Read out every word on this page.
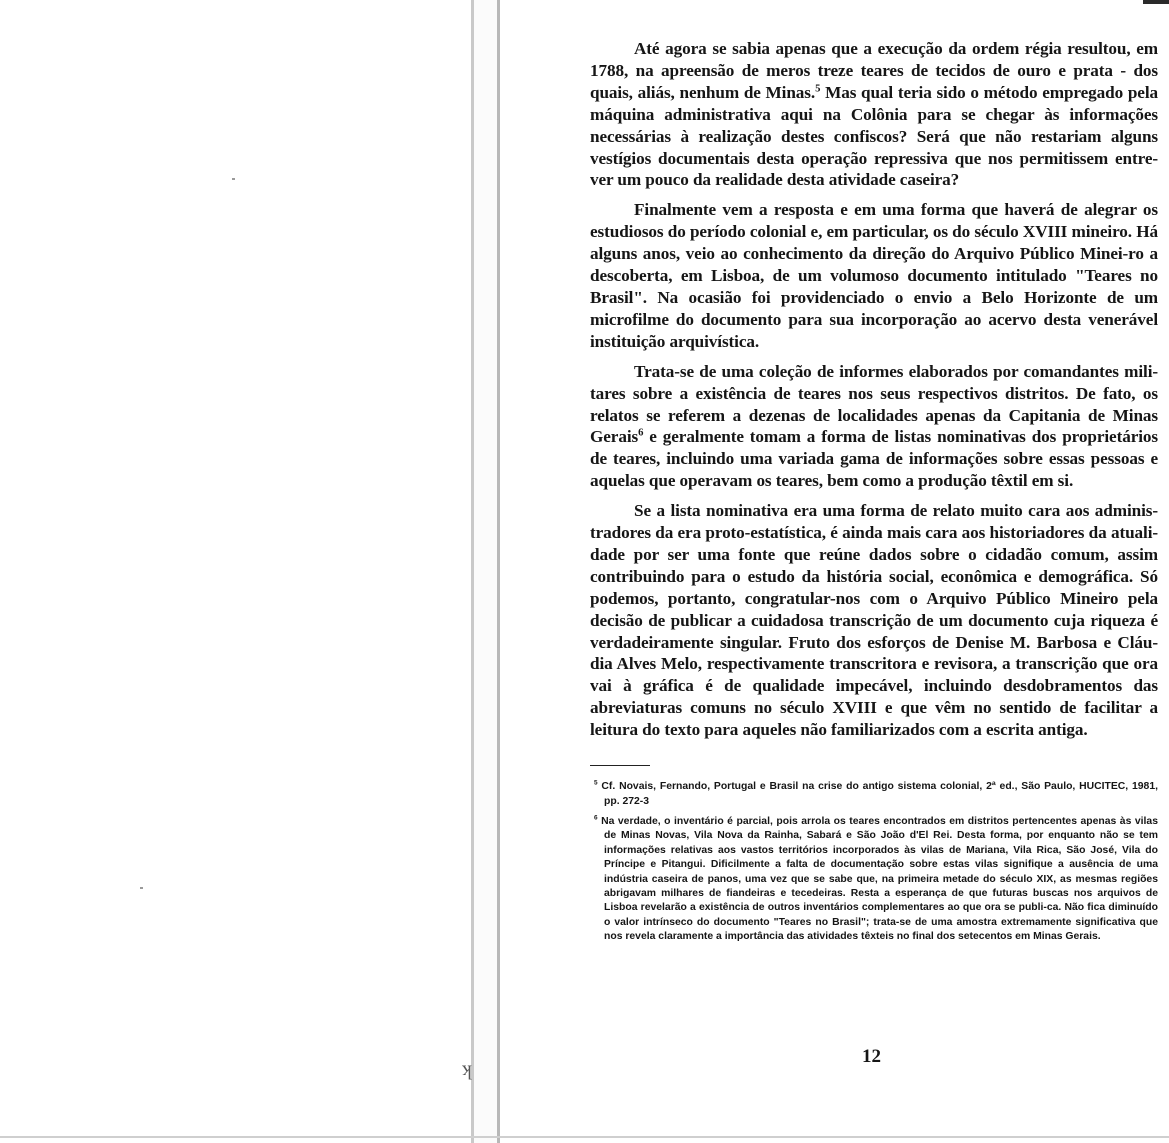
ʞ

Até agora se sabia apenas que a execução da ordem régia resultou, em 1788, na apreensão de meros treze teares de tecidos de ouro e prata - dos quais, aliás, nenhum de Minas.$^5$ Mas qual teria sido o método empregado pela máquina administrativa aqui na Colônia para se chegar às informações necessárias à realização destes confiscos? Será que não restariam alguns vestígios documentais desta operação repressiva que nos permitissem entre-ver um pouco da realidade desta atividade caseira?

Finalmente vem a resposta e em uma forma que haverá de alegrar os estudiosos do período colonial e, em particular, os do século XVIII mineiro. Há alguns anos, veio ao conhecimento da direção do Arquivo Público Minei-ro a descoberta, em Lisboa, de um volumoso documento intitulado "Teares no Brasil". Na ocasião foi providenciado o envio a Belo Horizonte de um microfilme do documento para sua incorporação ao acervo desta venerável instituição arquivística.

Trata-se de uma coleção de informes elaborados por comandantes mili-tares sobre a existência de teares nos seus respectivos distritos. De fato, os relatos se referem a dezenas de localidades apenas da Capitania de Minas Gerais$^6$ e geralmente tomam a forma de listas nominativas dos proprietários de teares, incluindo uma variada gama de informações sobre essas pessoas e aquelas que operavam os teares, bem como a produção têxtil em si.

Se a lista nominativa era uma forma de relato muito cara aos adminis-tradores da era proto-estatística, é ainda mais cara aos historiadores da atuali-dade por ser uma fonte que reúne dados sobre o cidadão comum, assim contribuindo para o estudo da história social, econômica e demográfica. Só podemos, portanto, congratular-nos com o Arquivo Público Mineiro pela decisão de publicar a cuidadosa transcrição de um documento cuja riqueza é verdadeiramente singular. Fruto dos esforços de Denise M. Barbosa e Cláu-dia Alves Melo, respectivamente transcritora e revisora, a transcrição que ora vai à gráfica é de qualidade impecável, incluindo desdobramentos das abreviaturas comuns no século XVIII e que vêm no sentido de facilitar a leitura do texto para aqueles não familiarizados com a escrita antiga.

$^5$ Cf. Novais, Fernando, Portugal e Brasil na crise do antigo sistema colonial, 2ª ed., São Paulo, HUCITEC, 1981, pp. 272-3

$^6$ Na verdade, o inventário é parcial, pois arrola os teares encontrados em distritos pertencentes apenas às vilas de Minas Novas, Vila Nova da Rainha, Sabará e São João d'El Rei. Desta forma, por enquanto não se tem informações relativas aos vastos territórios incorporados às vilas de Mariana, Vila Rica, São José, Vila do Príncipe e Pitangui. Dificilmente a falta de documentação sobre estas vilas signifique a ausência de uma indústria caseira de panos, uma vez que se sabe que, na primeira metade do século XIX, as mesmas regiões abrigavam milhares de fiandeiras e tecedeiras. Resta a esperança de que futuras buscas nos arquivos de Lisboa revelarão a existência de outros inventários complementares ao que ora se publi-ca. Não fica diminuído o valor intrínseco do documento "Teares no Brasil"; trata-se de uma amostra extremamente significativa que nos revela claramente a importância das atividades têxteis no final dos setecentos em Minas Gerais.

12
